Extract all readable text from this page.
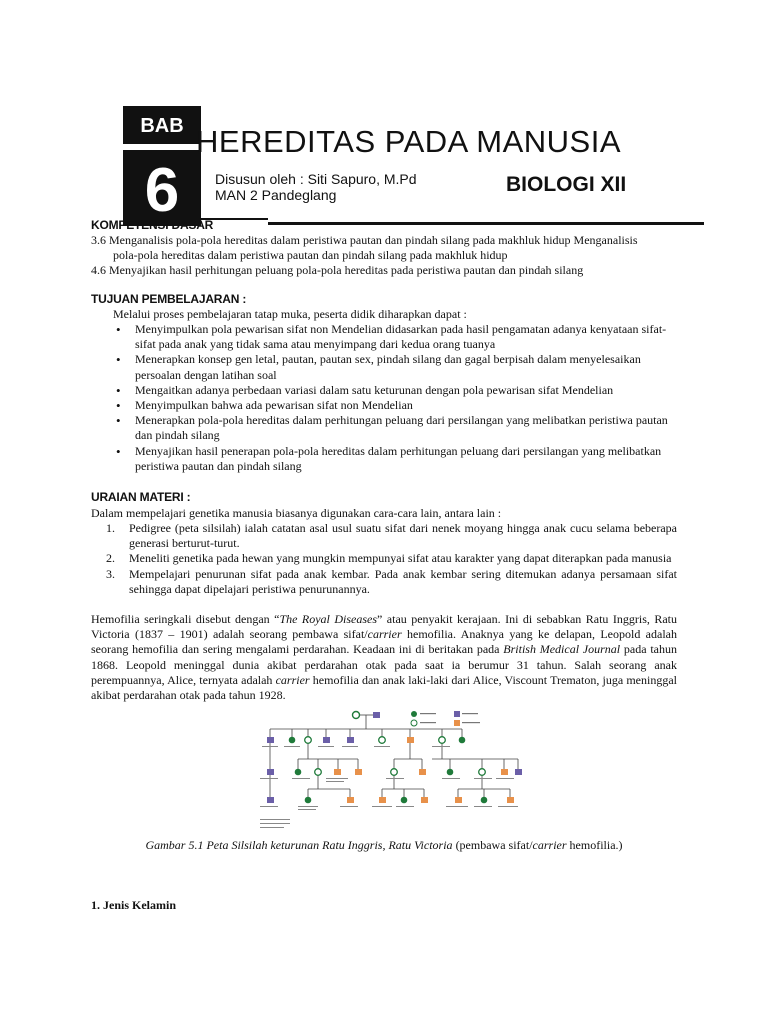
BAB
6
HEREDITAS PADA MANUSIA
Disusun oleh : Siti Sapuro, M.Pd
MAN 2 Pandeglang	BIOLOGI XII
KOMPETENSI DASAR
3.6 Menganalisis pola-pola hereditas dalam peristiwa pautan dan pindah silang pada makhluk hidup Menganalisis
pola-pola hereditas dalam peristiwa pautan dan pindah silang pada makhluk hidup
4.6 Menyajikan hasil perhitungan peluang pola-pola hereditas pada peristiwa pautan dan pindah silang
TUJUAN PEMBELAJARAN :
Melalui proses pembelajaran tatap muka, peserta didik diharapkan dapat :
• Menyimpulkan pola pewarisan sifat non Mendelian didasarkan pada hasil pengamatan adanya kenyataan sifat-sifat pada anak yang tidak sama atau menyimpang dari kedua orang tuanya
• Menerapkan konsep gen letal, pautan, pautan sex, pindah silang dan gagal berpisah dalam menyelesaikan persoalan dengan latihan soal
• Mengaitkan adanya perbedaan variasi dalam satu keturunan dengan pola pewarisan sifat Mendelian
• Menyimpulkan bahwa ada pewarisan sifat non Mendelian
• Menerapkan pola-pola hereditas dalam perhitungan peluang dari persilangan yang melibatkan peristiwa pautan dan pindah silang
• Menyajikan hasil penerapan pola-pola hereditas dalam perhitungan peluang dari persilangan yang melibatkan peristiwa pautan dan pindah silang
URAIAN MATERI :
Dalam mempelajari genetika manusia biasanya digunakan cara-cara lain, antara lain :
1. Pedigree (peta silsilah) ialah catatan asal usul suatu sifat dari nenek moyang hingga anak cucu selama beberapa generasi berturut-turut.
2. Meneliti genetika pada hewan yang mungkin mempunyai sifat atau karakter yang dapat diterapkan pada manusia
3. Mempelajari penurunan sifat pada anak kembar. Pada anak kembar sering ditemukan adanya persamaan sifat sehingga dapat dipelajari peristiwa penurunannya.
Hemofilia seringkali disebut dengan “The Royal Diseases” atau penyakit kerajaan. Ini di sebabkan Ratu Inggris, Ratu Victoria (1837 – 1901) adalah seorang pembawa sifat/carrier hemofilia. Anaknya yang ke delapan, Leopold adalah seorang hemofilia dan sering mengalami perdarahan. Keadaan ini di beritakan pada British Medical Journal pada tahun 1868. Leopold meninggal dunia akibat perdarahan otak pada saat ia berumur 31 tahun. Salah seorang anak perempuannya, Alice, ternyata adalah carrier hemofilia dan anak laki-laki dari Alice, Viscount Trematon, juga meninggal akibat perdarahan otak pada tahun 1928.
Gambar 5.1 Peta Silsilah keturunan Ratu Inggris, Ratu Victoria (pembawa sifat/carrier hemofilia.)
1. Jenis Kelamin
